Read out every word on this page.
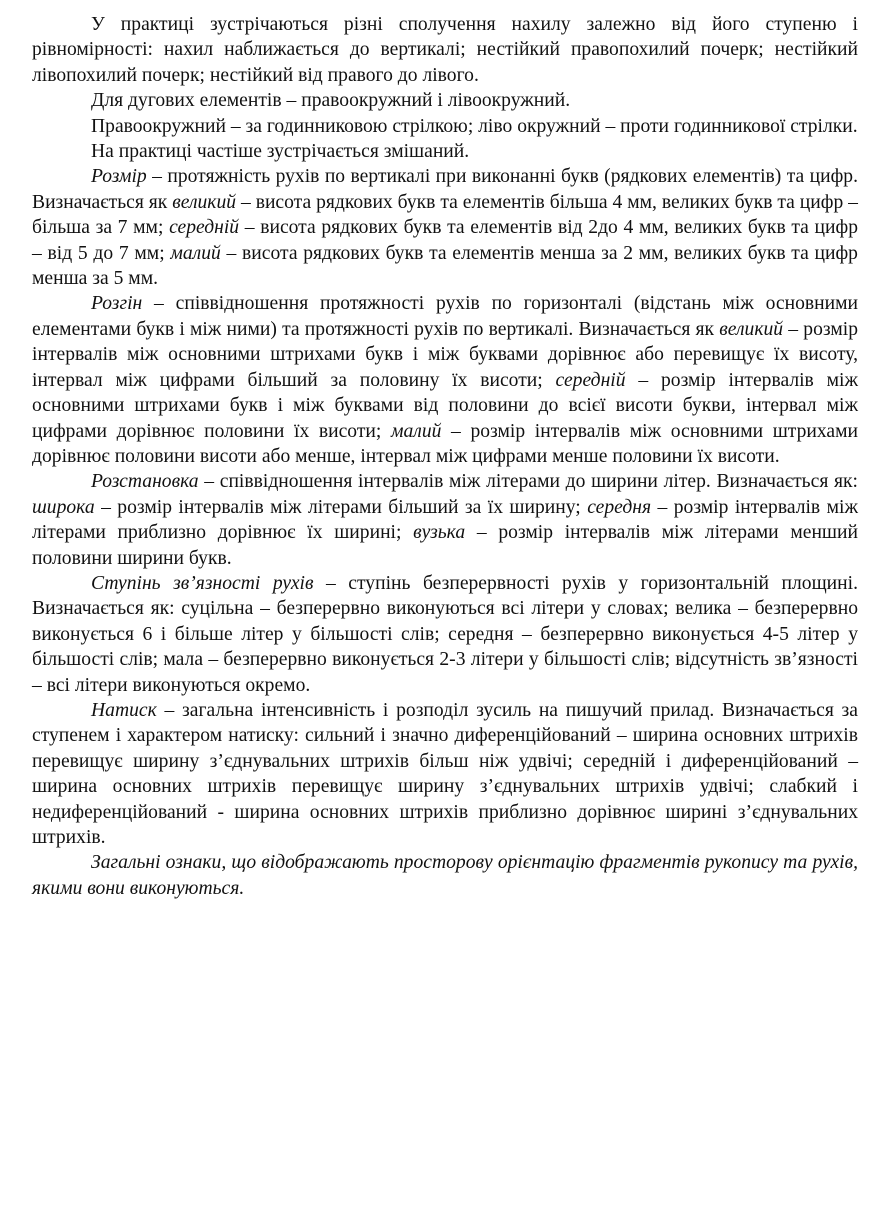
У практиці зустрічаються різні сполучення нахилу залежно від його ступеню і рівномірності: нахил наближається до вертикалі; нестійкий правопохилий почерк; нестійкий лівопохилий почерк; нестійкий від правого до лівого.

Для дугових елементів – правоокружний і лівоокружний.

Правоокружний – за годинниковою стрілкою; ліво окружний – проти годинникової стрілки.

На практиці частіше зустрічається змішаний.

Розмір – протяжність рухів по вертикалі при виконанні букв (рядкових елементів) та цифр. Визначається як великий – висота рядкових букв та елементів більша 4 мм, великих букв та цифр – більша за 7 мм; середній – висота рядкових букв та елементів від 2до 4 мм, великих букв та цифр – від 5 до 7 мм; малий – висота рядкових букв та елементів менша за 2 мм, великих букв та цифр менша за 5 мм.

Розгін – співвідношення протяжності рухів по горизонталі (відстань між основними елементами букв і між ними) та протяжності рухів по вертикалі. Визначається як великий – розмір інтервалів між основними штрихами букв і між буквами дорівнює або перевищує їх висоту, інтервал між цифрами більший за половину їх висоти; середній – розмір інтервалів між основними штрихами букв і між буквами від половини до всієї висоти букви, інтервал між цифрами дорівнює половини їх висоти; малий – розмір інтервалів між основними штрихами дорівнює половини висоти або менше, інтервал між цифрами менше половини їх висоти.

Розстановка – співвідношення інтервалів між літерами до ширини літер. Визначається як: широка – розмір інтервалів між літерами більший за їх ширину; середня – розмір інтервалів між літерами приблизно дорівнює їх ширині; вузька – розмір інтервалів між літерами менший половини ширини букв.

Ступінь зв’язності рухів – ступінь безперервності рухів у горизонтальній площині. Визначається як: суцільна – безперервно виконуються всі літери у словах; велика – безперервно виконується 6 і більше літер у більшості слів; середня – безперервно виконується 4-5 літер у більшості слів; мала – безперервно виконується 2-3 літери у більшості слів; відсутність зв’язності – всі літери виконуються окремо.

Натиск – загальна інтенсивність і розподіл зусиль на пишучий прилад. Визначається за ступенем і характером натиску: сильний і значно диференційований – ширина основних штрихів перевищує ширину з’єднувальних штрихів більш ніж удвічі; середній і диференційований – ширина основних штрихів перевищує ширину з’єднувальних штрихів удвічі; слабкий і недиференційований - ширина основних штрихів приблизно дорівнює ширині з’єднувальних штрихів.

Загальні ознаки, що відображають просторову орієнтацію фрагментів рукопису та рухів, якими вони виконуються.
